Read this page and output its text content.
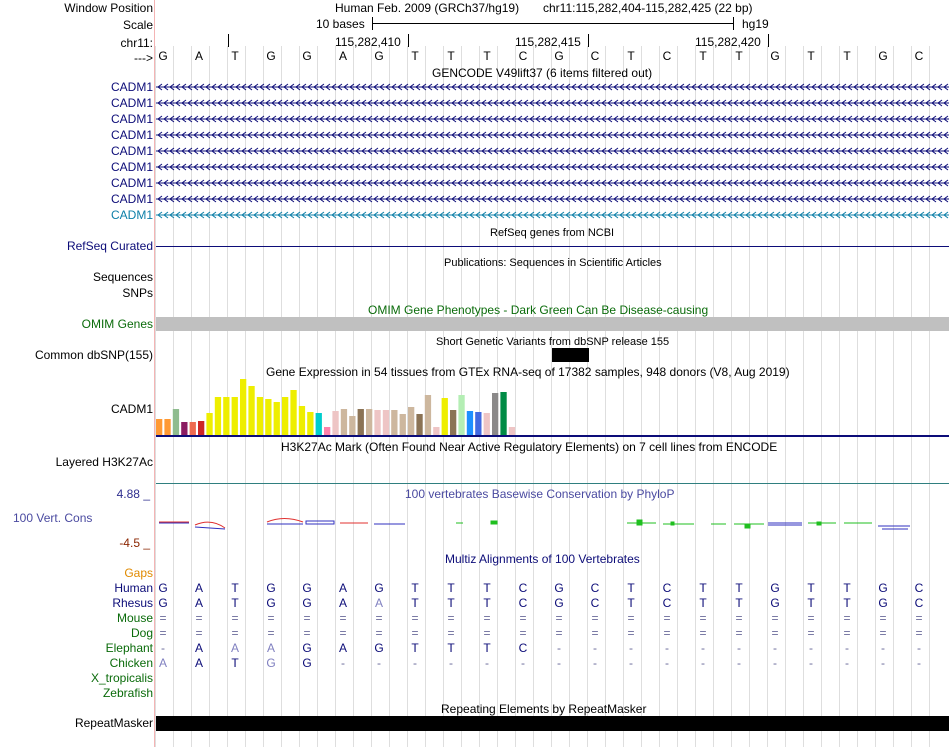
Window Position
Scale
chr11:
--->
Human Feb. 2009 (GRCh37/hg19) chr11:115,282,404-115,282,425 (22 bp)
10 bases	hg19
115,282,410	115,282,415	115,282,420
G	A	T	G G	A	G	T	T	T	C	G	C	T	C	T	T	G	T	T	G	C
GENCODE V49lift37 (6 items filtered out)
CADM1
CADM1
CADM1
CADM1
CADM1
CADM1
CADM1
CADM1
CADM1
RefSeq genes from NCBI
RefSeq Curated
Publications: Sequences in Scientific Articles
Sequences
SNPs
OMIM Gene Phenotypes - Dark Green Can Be Disease-causing
OMIM Genes
Short Genetic Variants from dbSNP release 155
Common dbSNP(155)
Gene Expression in 54 tissues from GTEx RNA-seq of 17382 samples, 948 donors (V8, Aug 2019)
CADM1
H3K27Ac Mark (Often Found Near Active Regulatory Elements) on 7 cell lines from ENCODE
Layered H3K27Ac
100 vertebrates Basewise Conservation by PhyloP
4.88 _
100 Vert. Cons
-4.5 _
Multiz Alignments of 100 Vertebrates
Gaps
Human G	A	T	G G	A	G	T	T	T	C	G	C	T	C	T	T	G	T	T	G	C
Rhesus G	A	T	G G	A	A	T	T	T	C	G	C	T	C	T	T	G	T	T	G	C
Mouse =	=	=	=	=	=	=	=	=	=	=	=	=	=	=	=	=	=	=	=	=	=
Dog =	=	=	=	=	=	=	=	=	=	=	=	=	=	=	=	=	=	=	=	=	=
Elephant -	A	A	A	G	A	G	T	T	T	C	-	-	-	-	-	-	-	-	-	-	-
Chicken A	A	T	G G	-	-	-	-	-	-	-	-	-	-	-	-	-	-	-	-	-
X_tropicalis
Zebrafish
Repeating Elements by RepeatMasker
RepeatMasker
